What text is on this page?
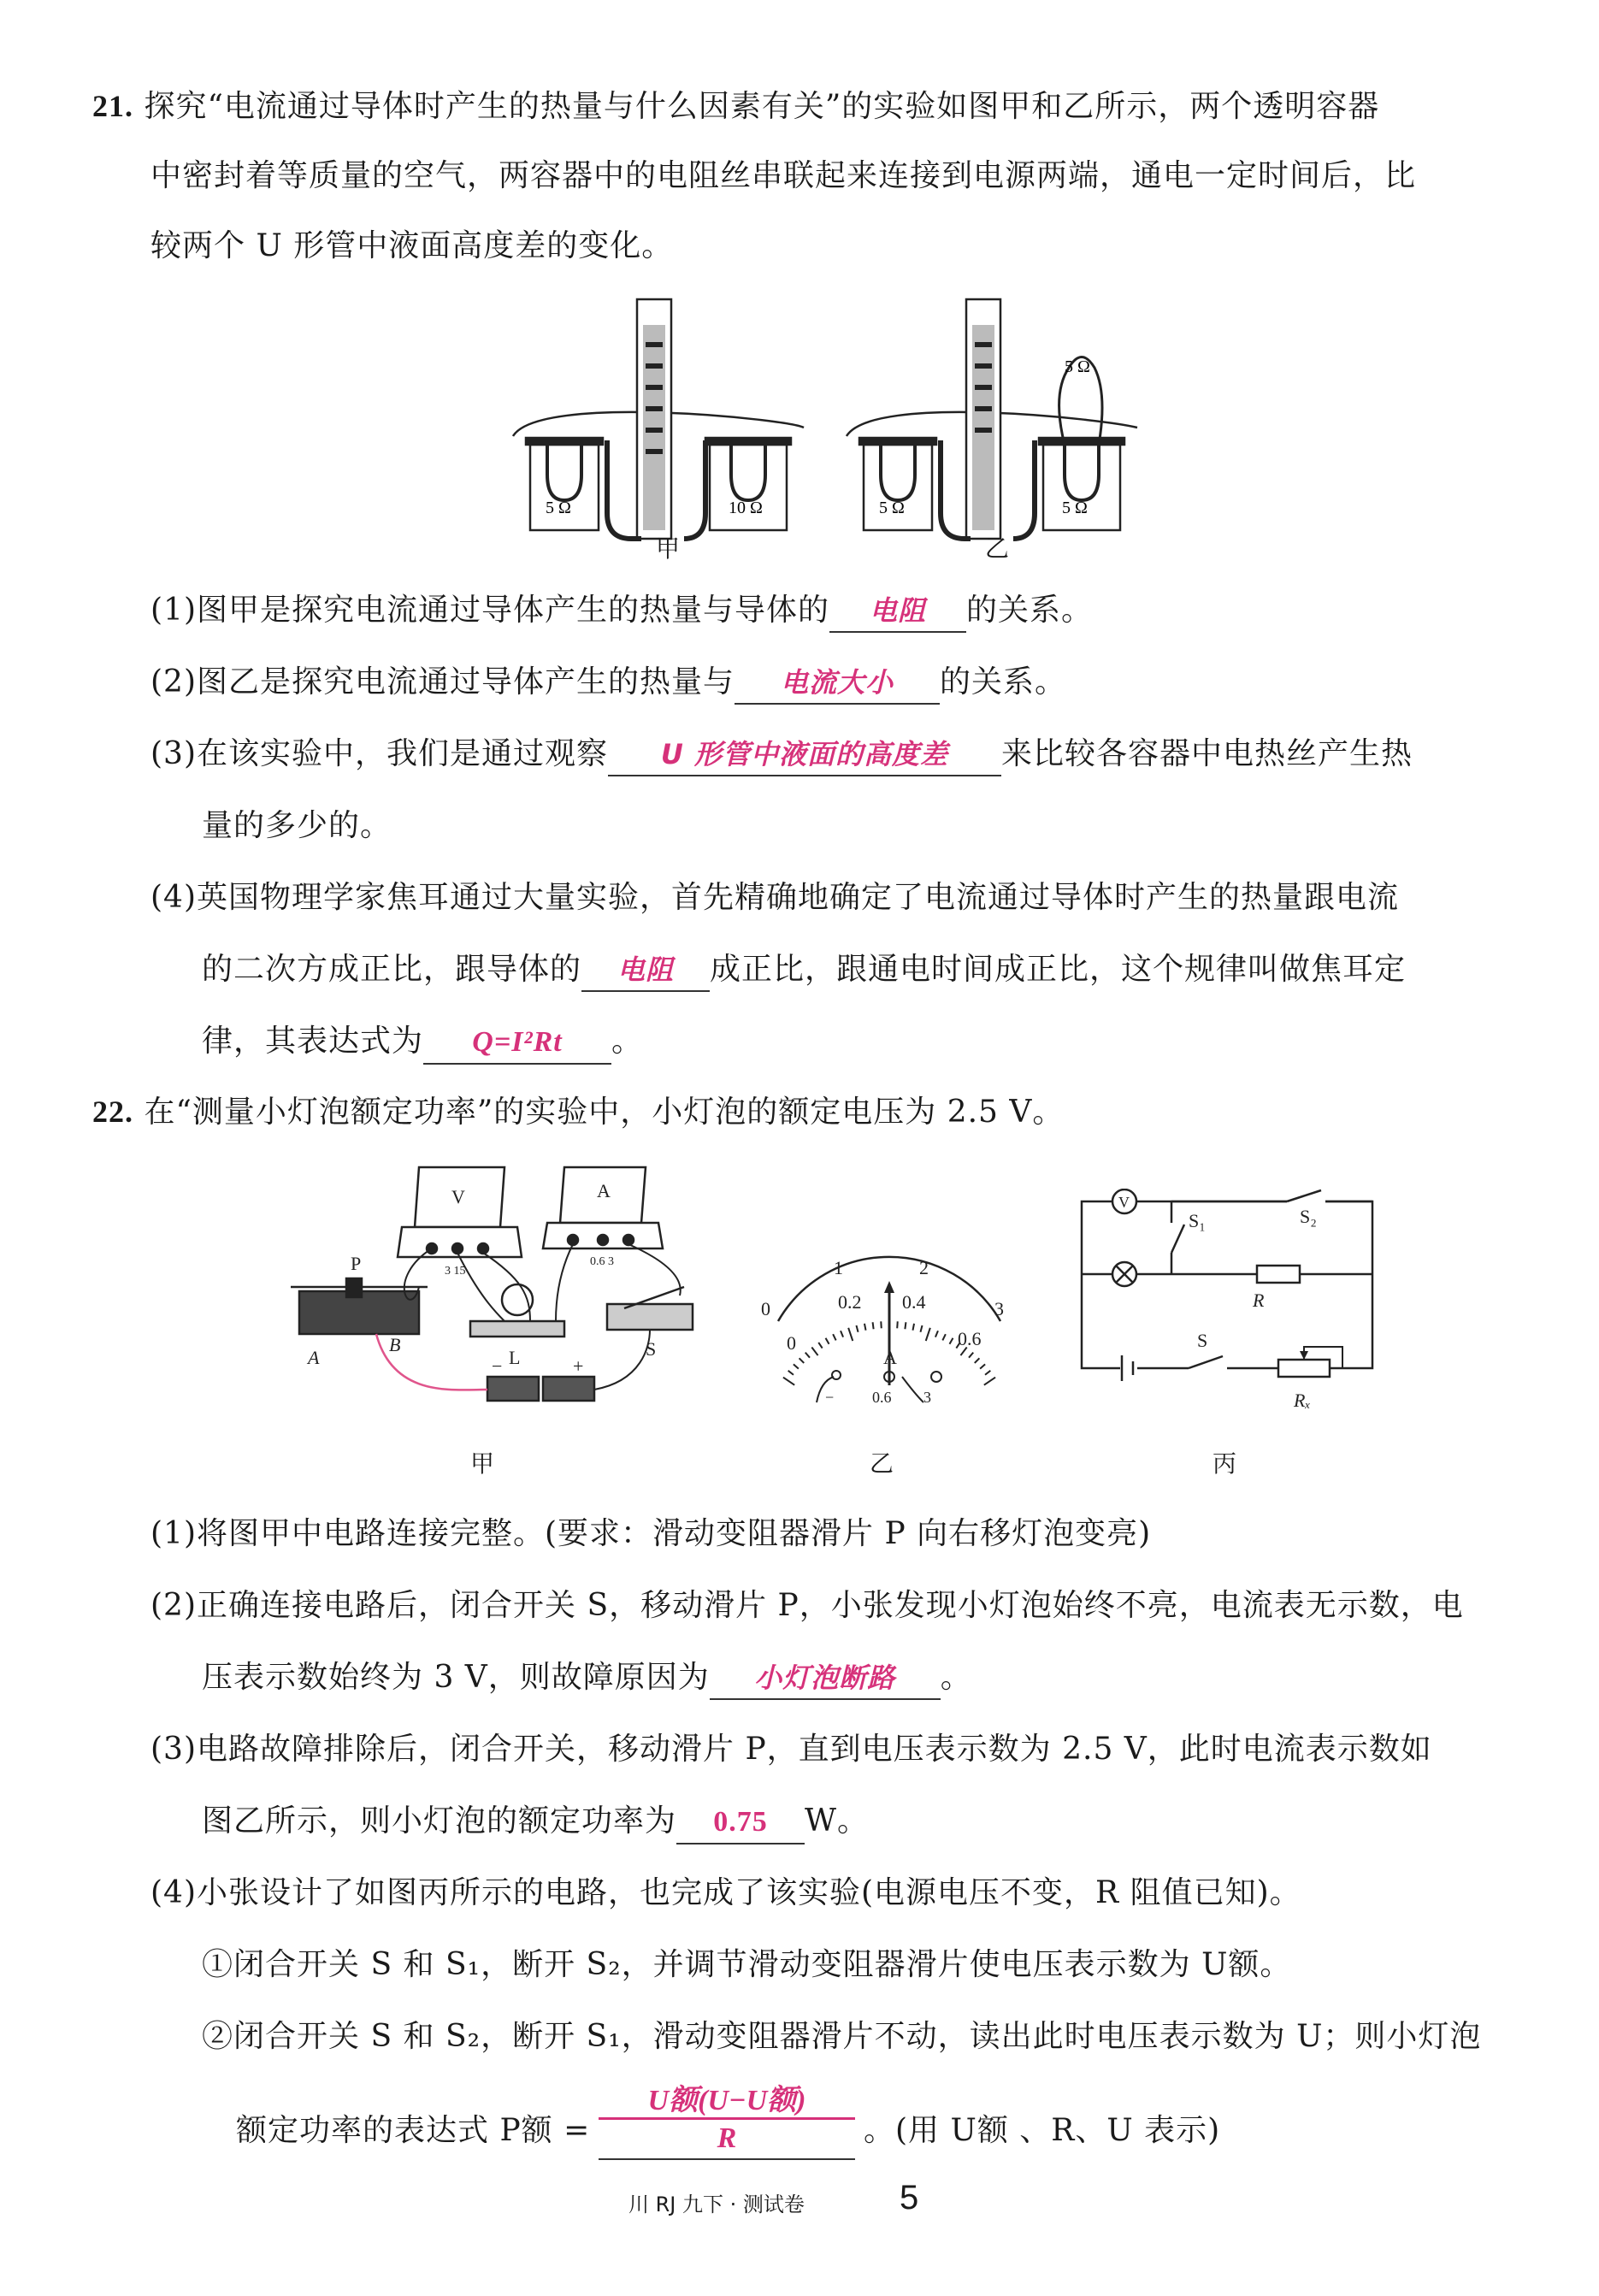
21. 探究“电流通过导体时产生的热量与什么因素有关”的实验如图甲和乙所示，两个透明容器
中密封着等质量的空气，两容器中的电阻丝串联起来连接到电源两端，通电一定时间后，比
较两个 U 形管中液面高度差的变化。
5 Ω	10 Ω	5 Ω	5 Ω
5 Ω
甲	乙
(1)图甲是探究电流通过导体产生的热量与导体的 电阻 的关系。
(2)图乙是探究电流通过导体产生的热量与 电流大小 的关系。
(3)在该实验中，我们是通过观察 U 形管中液面的高度差 来比较各容器中电热丝产生热
量的多少的。
(4)英国物理学家焦耳通过大量实验，首先精确地确定了电流通过导体时产生的热量跟电流
的二次方成正比，跟导体的 电阻 成正比，跟通电时间成正比，这个规律叫做焦耳定
律，其表达式为 Q=I²Rt 。
22. 在“测量小灯泡额定功率”的实验中，小灯泡的额定电压为 2.5 V。
V	A
P
A
B
L	S
−	+
3 15
0.6 3
0
1	2
3
0
0.2 0.4
0.6
A
− 0.6 3
V
S₁	S₂
R
S
Rₓ
甲	乙	丙
(1)将图甲中电路连接完整。(要求：滑动变阻器滑片 P 向右移灯泡变亮)
(2)正确连接电路后，闭合开关 S，移动滑片 P，小张发现小灯泡始终不亮，电流表无示数，电
压表示数始终为 3 V，则故障原因为 小灯泡断路 。
(3)电路故障排除后，闭合开关，移动滑片 P，直到电压表示数为 2.5 V，此时电流表示数如
图乙所示，则小灯泡的额定功率为 0.75 W。
(4)小张设计了如图丙所示的电路，也完成了该实验(电源电压不变，R 阻值已知)。
①闭合开关 S 和 S₁，断开 S₂，并调节滑动变阻器滑片使电压表示数为 U额。
②闭合开关 S 和 S₂，断开 S₁，滑动变阻器滑片不动，读出此时电压表示数为 U；则小灯泡
额定功率的表达式 P额 =
U额(U−U额)
R	。(用 U额 、R、U 表示)
川 RJ 九下 · 测试卷	5
